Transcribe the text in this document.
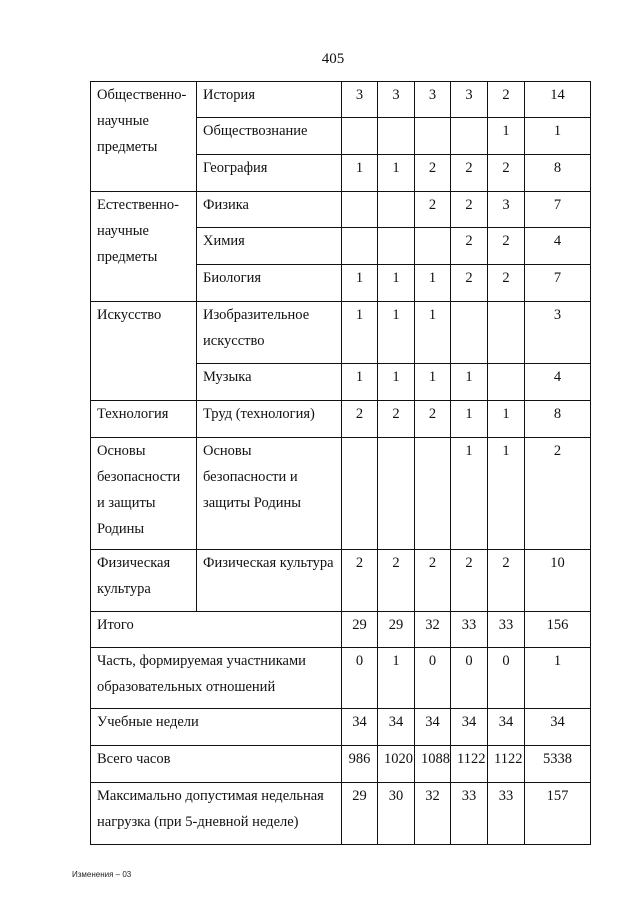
405
Общественно-научные предметы	История	3	3	3	3	2	14
	Обществознание					1	1
	География	1	1	2	2	2	8
Естественно-научные предметы	Физика			2	2	3	7
	Химия				2	2	4
	Биология	1	1	1	2	2	7
Искусство	Изобразительное искусство	1	1	1			3
	Музыка	1	1	1	1		4
Технология	Труд (технология)	2	2	2	1	1	8
Основы безопасности и защиты Родины	Основы безопасности и защиты Родины				1	1	2
Физическая культура	Физическая культура	2	2	2	2	2	10
Итого		29	29	32	33	33	156
Часть, формируемая участниками образовательных отношений		0	1	0	0	0	1
Учебные недели		34	34	34	34	34	34
Всего часов		986	1020	1088	1122	1122	5338
Максимально допустимая недельная нагрузка (при 5-дневной неделе)		29	30	32	33	33	157
Изменения – 03
